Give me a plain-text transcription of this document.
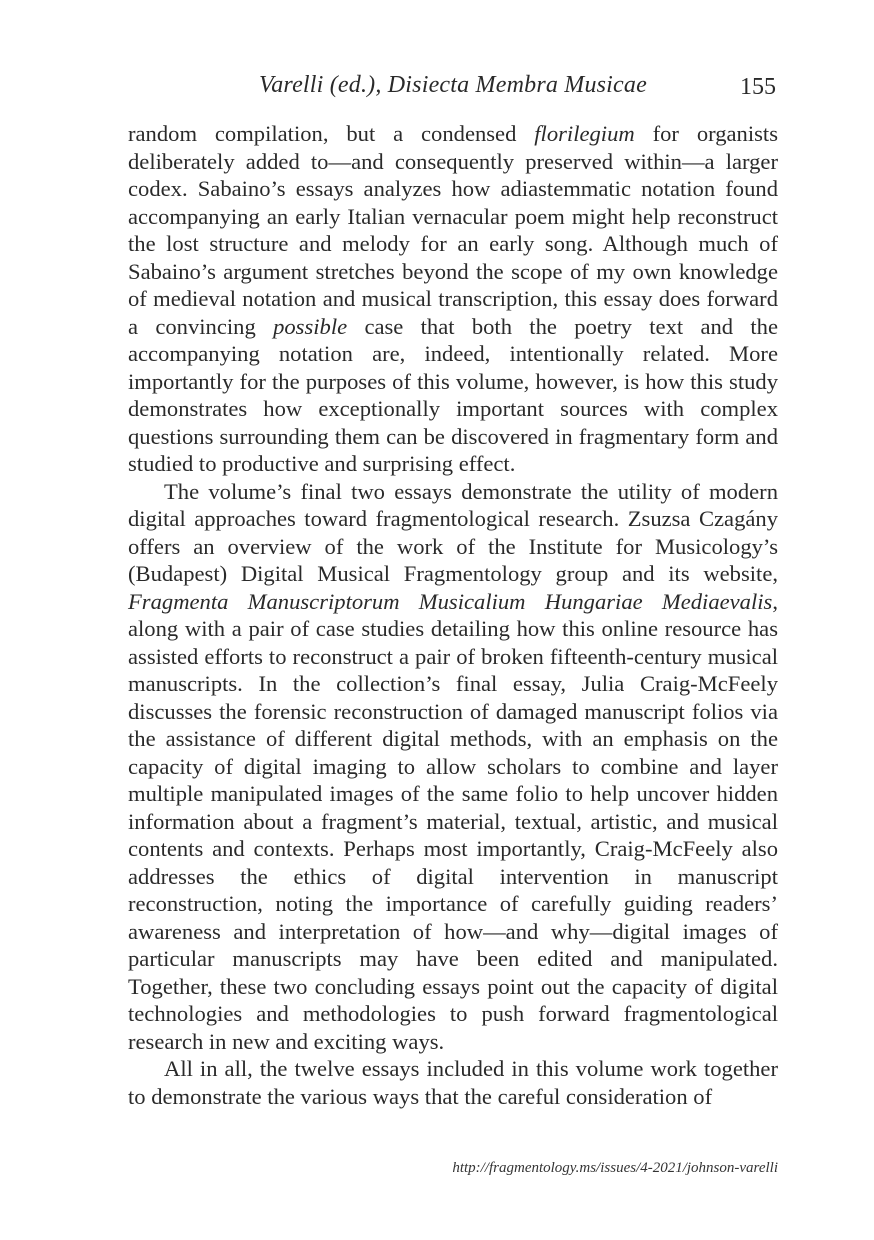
Varelli (ed.), Disiecta Membra Musicae	155

random compilation, but a condensed florilegium for organists deliberately added to—and consequently preserved within—a larger codex. Sabaino’s essays analyzes how adiastemmatic notation found accompanying an early Italian vernacular poem might help reconstruct the lost structure and melody for an early song. Although much of Sabaino’s argument stretches beyond the scope of my own knowledge of medieval notation and musical transcription, this essay does forward a convincing possible case that both the poetry text and the accompanying notation are, indeed, intentionally related. More importantly for the purposes of this volume, however, is how this study demonstrates how exceptionally important sources with complex questions surrounding them can be discovered in fragmentary form and studied to productive and surprising effect.

The volume’s final two essays demonstrate the utility of modern digital approaches toward fragmentological research. Zsuzsa Czagány offers an overview of the work of the Institute for Musicology’s (Budapest) Digital Musical Fragmentology group and its website, Fragmenta Manuscriptorum Musicalium Hungariae Mediaevalis, along with a pair of case studies detailing how this online resource has assisted efforts to reconstruct a pair of broken fifteenth-century musical manuscripts. In the collection’s final essay, Julia Craig-McFeely discusses the forensic reconstruction of damaged manuscript folios via the assistance of different digital methods, with an emphasis on the capacity of digital imaging to allow scholars to combine and layer multiple manipulated images of the same folio to help uncover hidden information about a fragment’s material, textual, artistic, and musical contents and contexts. Perhaps most importantly, Craig-McFeely also addresses the ethics of digital intervention in manuscript reconstruction, noting the importance of carefully guiding readers’ awareness and interpretation of how—and why—digital images of particular manuscripts may have been edited and manipulated. Together, these two concluding essays point out the capacity of digital technologies and methodologies to push forward fragmentological research in new and exciting ways.

All in all, the twelve essays included in this volume work together to demonstrate the various ways that the careful consideration of

http://fragmentology.ms/issues/4-2021/johnson-varelli
